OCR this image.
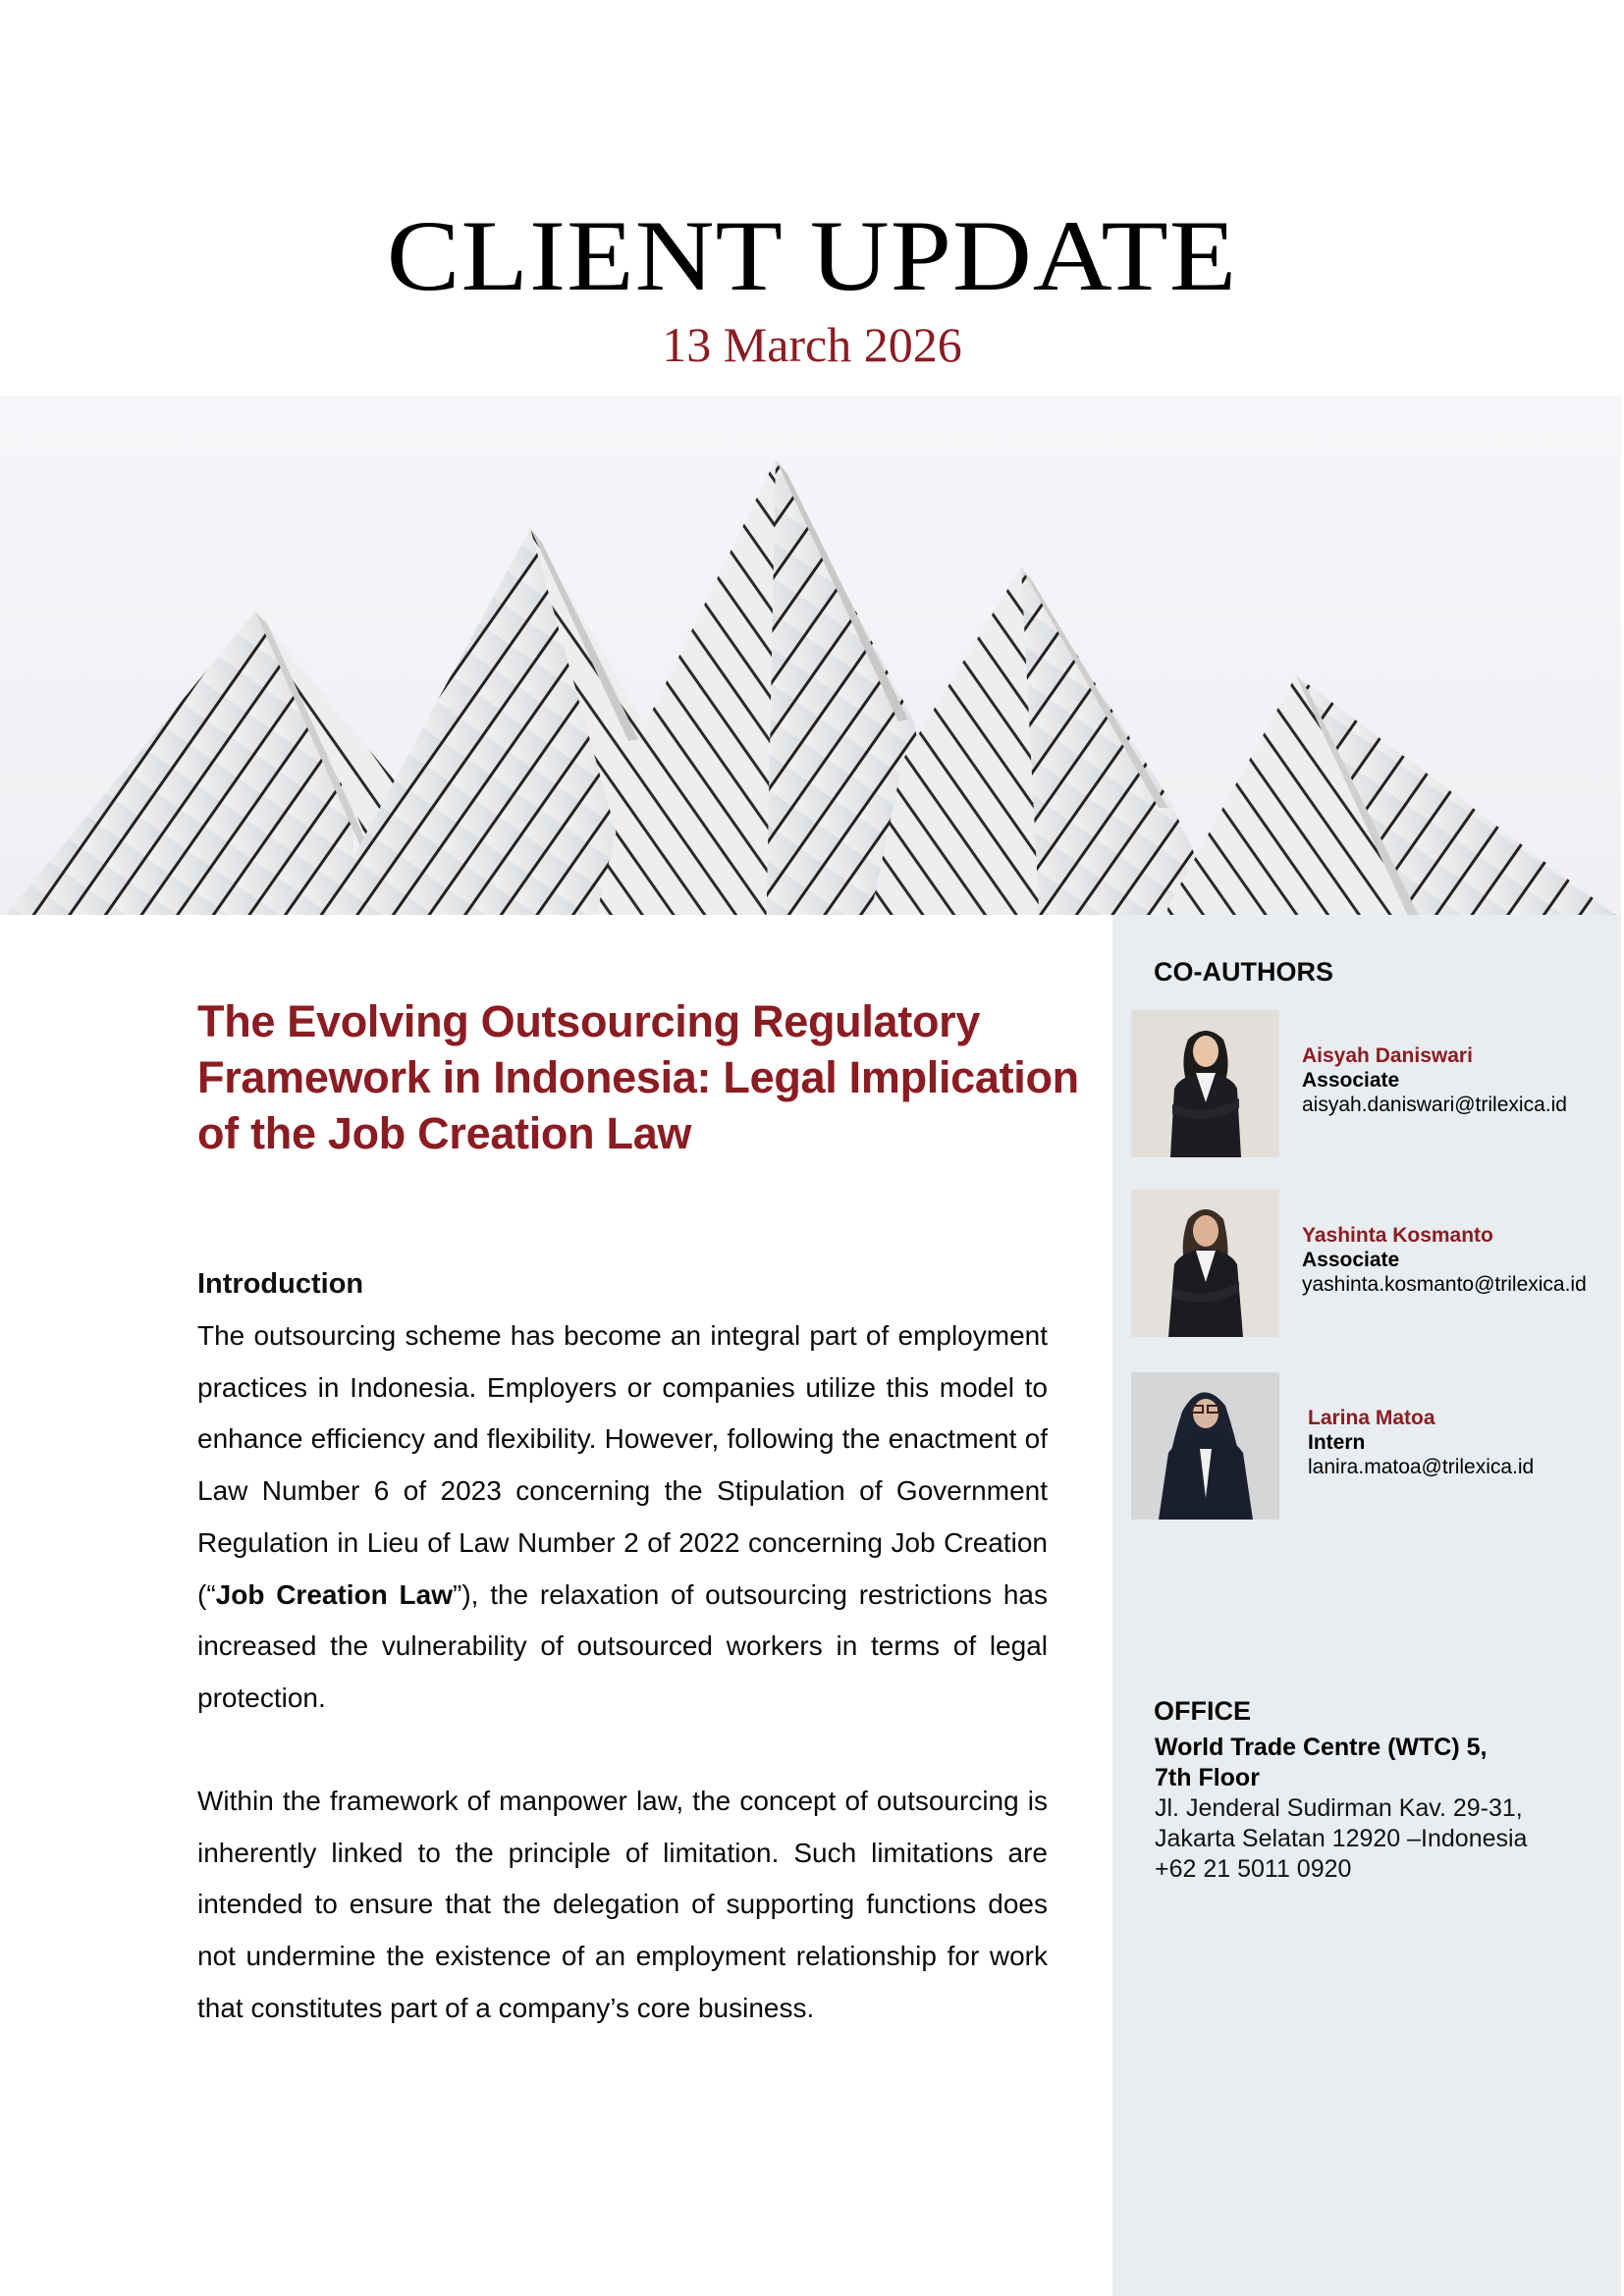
CLIENT UPDATE
13 March 2026
CO-AUTHORS
Aisyah Daniswari
Associate
aisyah.daniswari@trilexica.id
Yashinta Kosmanto
Associate
yashinta.kosmanto@trilexica.id
Larina Matoa
Intern
lanira.matoa@trilexica.id
OFFICE
World Trade Centre (WTC) 5,
7th Floor
Jl. Jenderal Sudirman Kav. 29-31,
Jakarta Selatan 12920 –Indonesia
+62 21 5011 0920
The Evolving Outsourcing Regulatory Framework in Indonesia: Legal Implication of the Job Creation Law
Introduction

The outsourcing scheme has become an integral part of employment practices in Indonesia. Employers or companies utilize this model to enhance efficiency and flexibility. However, following the enactment of Law Number 6 of 2023 concerning the Stipulation of Government Regulation in Lieu of Law Number 2 of 2022 concerning Job Creation (“Job Creation Law”), the relaxation of outsourcing restrictions has increased the vulnerability of outsourced workers in terms of legal protection.

Within the framework of manpower law, the concept of outsourcing is inherently linked to the principle of limitation. Such limitations are intended to ensure that the delegation of supporting functions does not undermine the existence of an employment relationship for work that constitutes part of a company’s core business.
